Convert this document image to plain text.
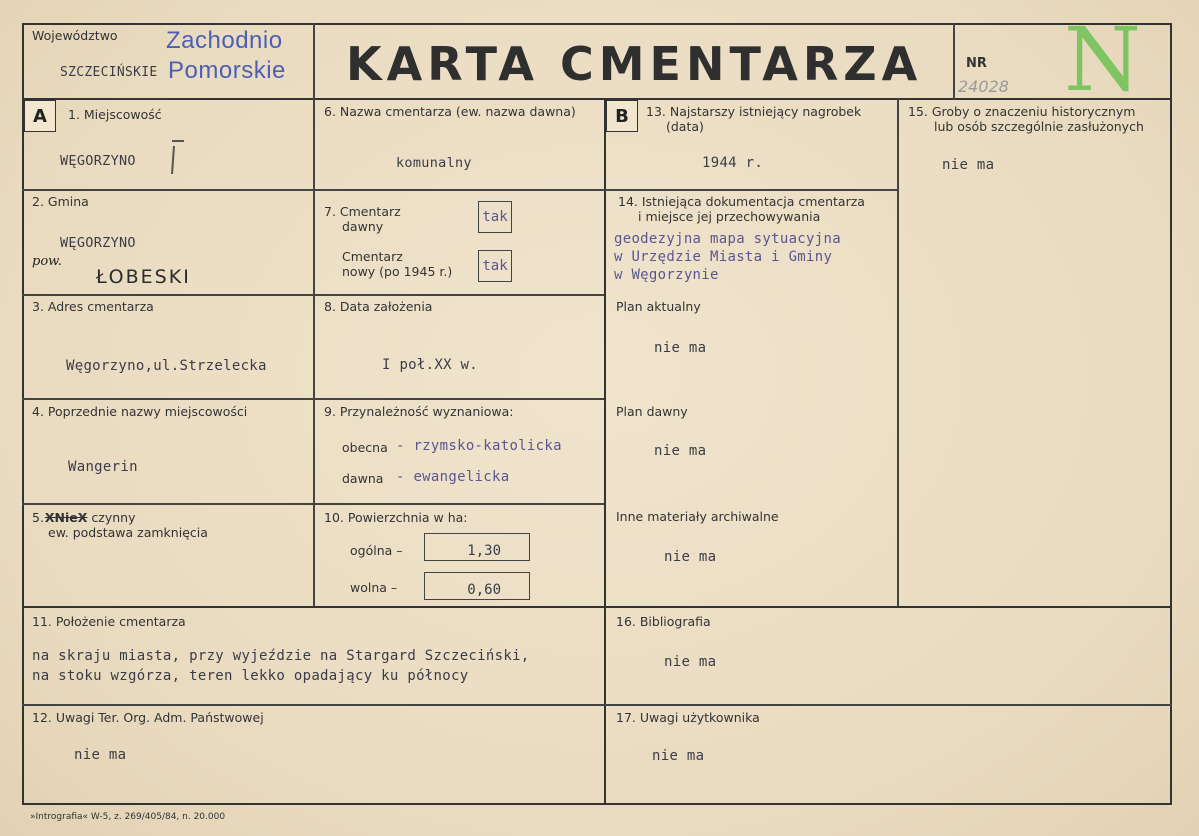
Województwo
SZCZECIŃSKIE
Zachodnio
Pomorskie KARTA CMENTARZA	NR
24028 N
A	B
1. Miejscowość
WĘGORZYNO
2. Gmina
WĘGORZYNO
pow.
ŁOBESKI
3. Adres cmentarza
Węgorzyno,ul.Strzelecka
4. Poprzednie nazwy miejscowości
Wangerin
5. XNieX czynny
ew. podstawa zamknięcia
6. Nazwa cmentarza (ew. nazwa dawna)
komunalny
7. Cmentarz
dawny
tak
Cmentarz
nowy (po 1945 r.)	tak
8. Data założenia
I poł.XX w.
9. Przynależność wyznaniowa:
obecna - rzymsko-katolicka
dawna - ewangelicka
10. Powierzchnia w ha:
ogólna –	1,30
wolna –	0,60
13. Najstarszy istniejący nagrobek
(data)
1944 r.
14. Istniejąca dokumentacja cmentarza
i miejsce jej przechowywania
geodezyjna mapa sytuacyjna
w Urzędzie Miasta i Gminy
w Węgorzynie
Plan aktualny
nie ma
Plan dawny
nie ma
Inne materiały archiwalne
nie ma
15. Groby o znaczeniu historycznym
lub osób szczególnie zasłużonych
nie ma
11. Położenie cmentarza
na skraju miasta, przy wyjeździe na Stargard Szczeciński,
na stoku wzgórza, teren lekko opadający ku północy
16. Bibliografia
nie ma
12. Uwagi Ter. Org. Adm. Państwowej
nie ma
17. Uwagi użytkownika
nie ma
»Intrografia« W-5, z. 269/405/84, n. 20.000
